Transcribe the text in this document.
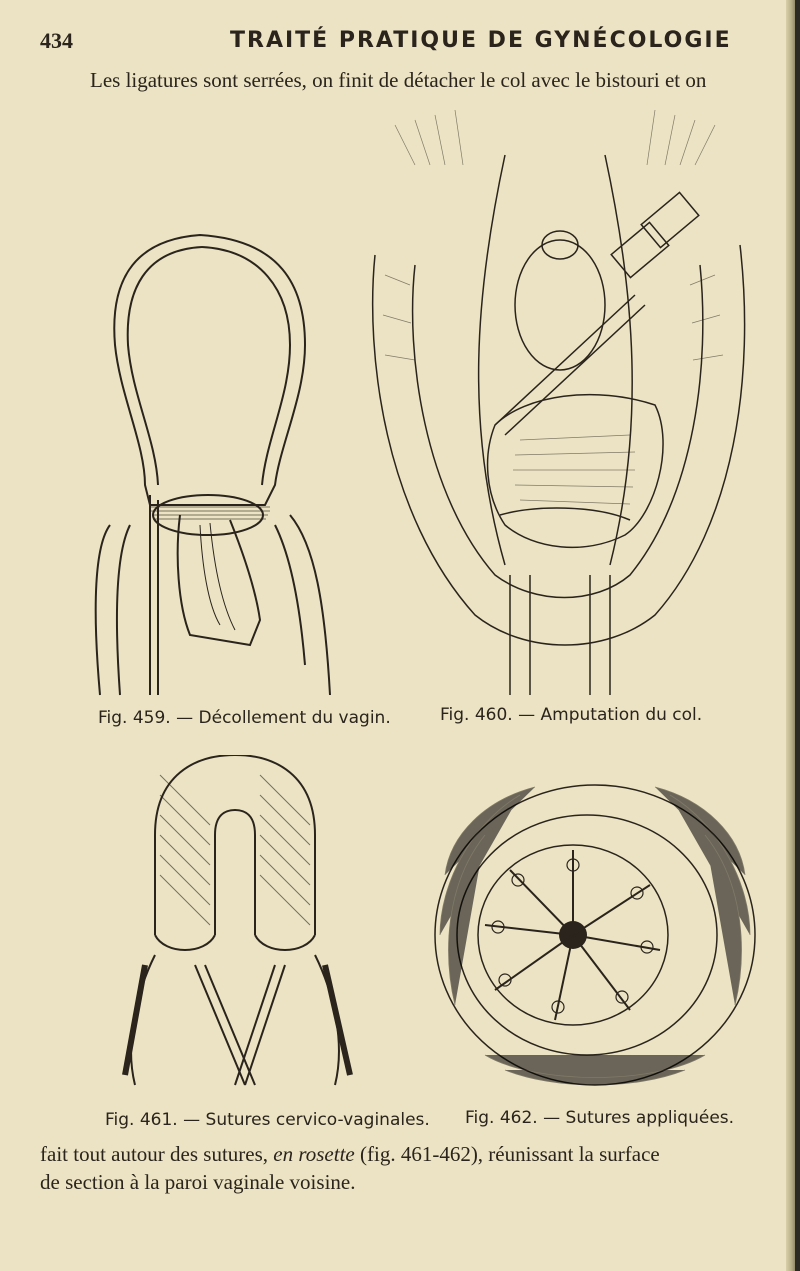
434	TRAITÉ PRATIQUE DE GYNÉCOLOGIE
Les ligatures sont serrées, on finit de détacher le col avec le bistouri et on
Fig. 459. — Décollement du vagin.	Fig. 460. — Amputation du col.
Fig. 461. — Sutures cervico-vaginales. Fig. 462. — Sutures appliquées.
fait tout autour des sutures, en rosette (fig. 461-462), réunissant la surface
de section à la paroi vaginale voisine.
